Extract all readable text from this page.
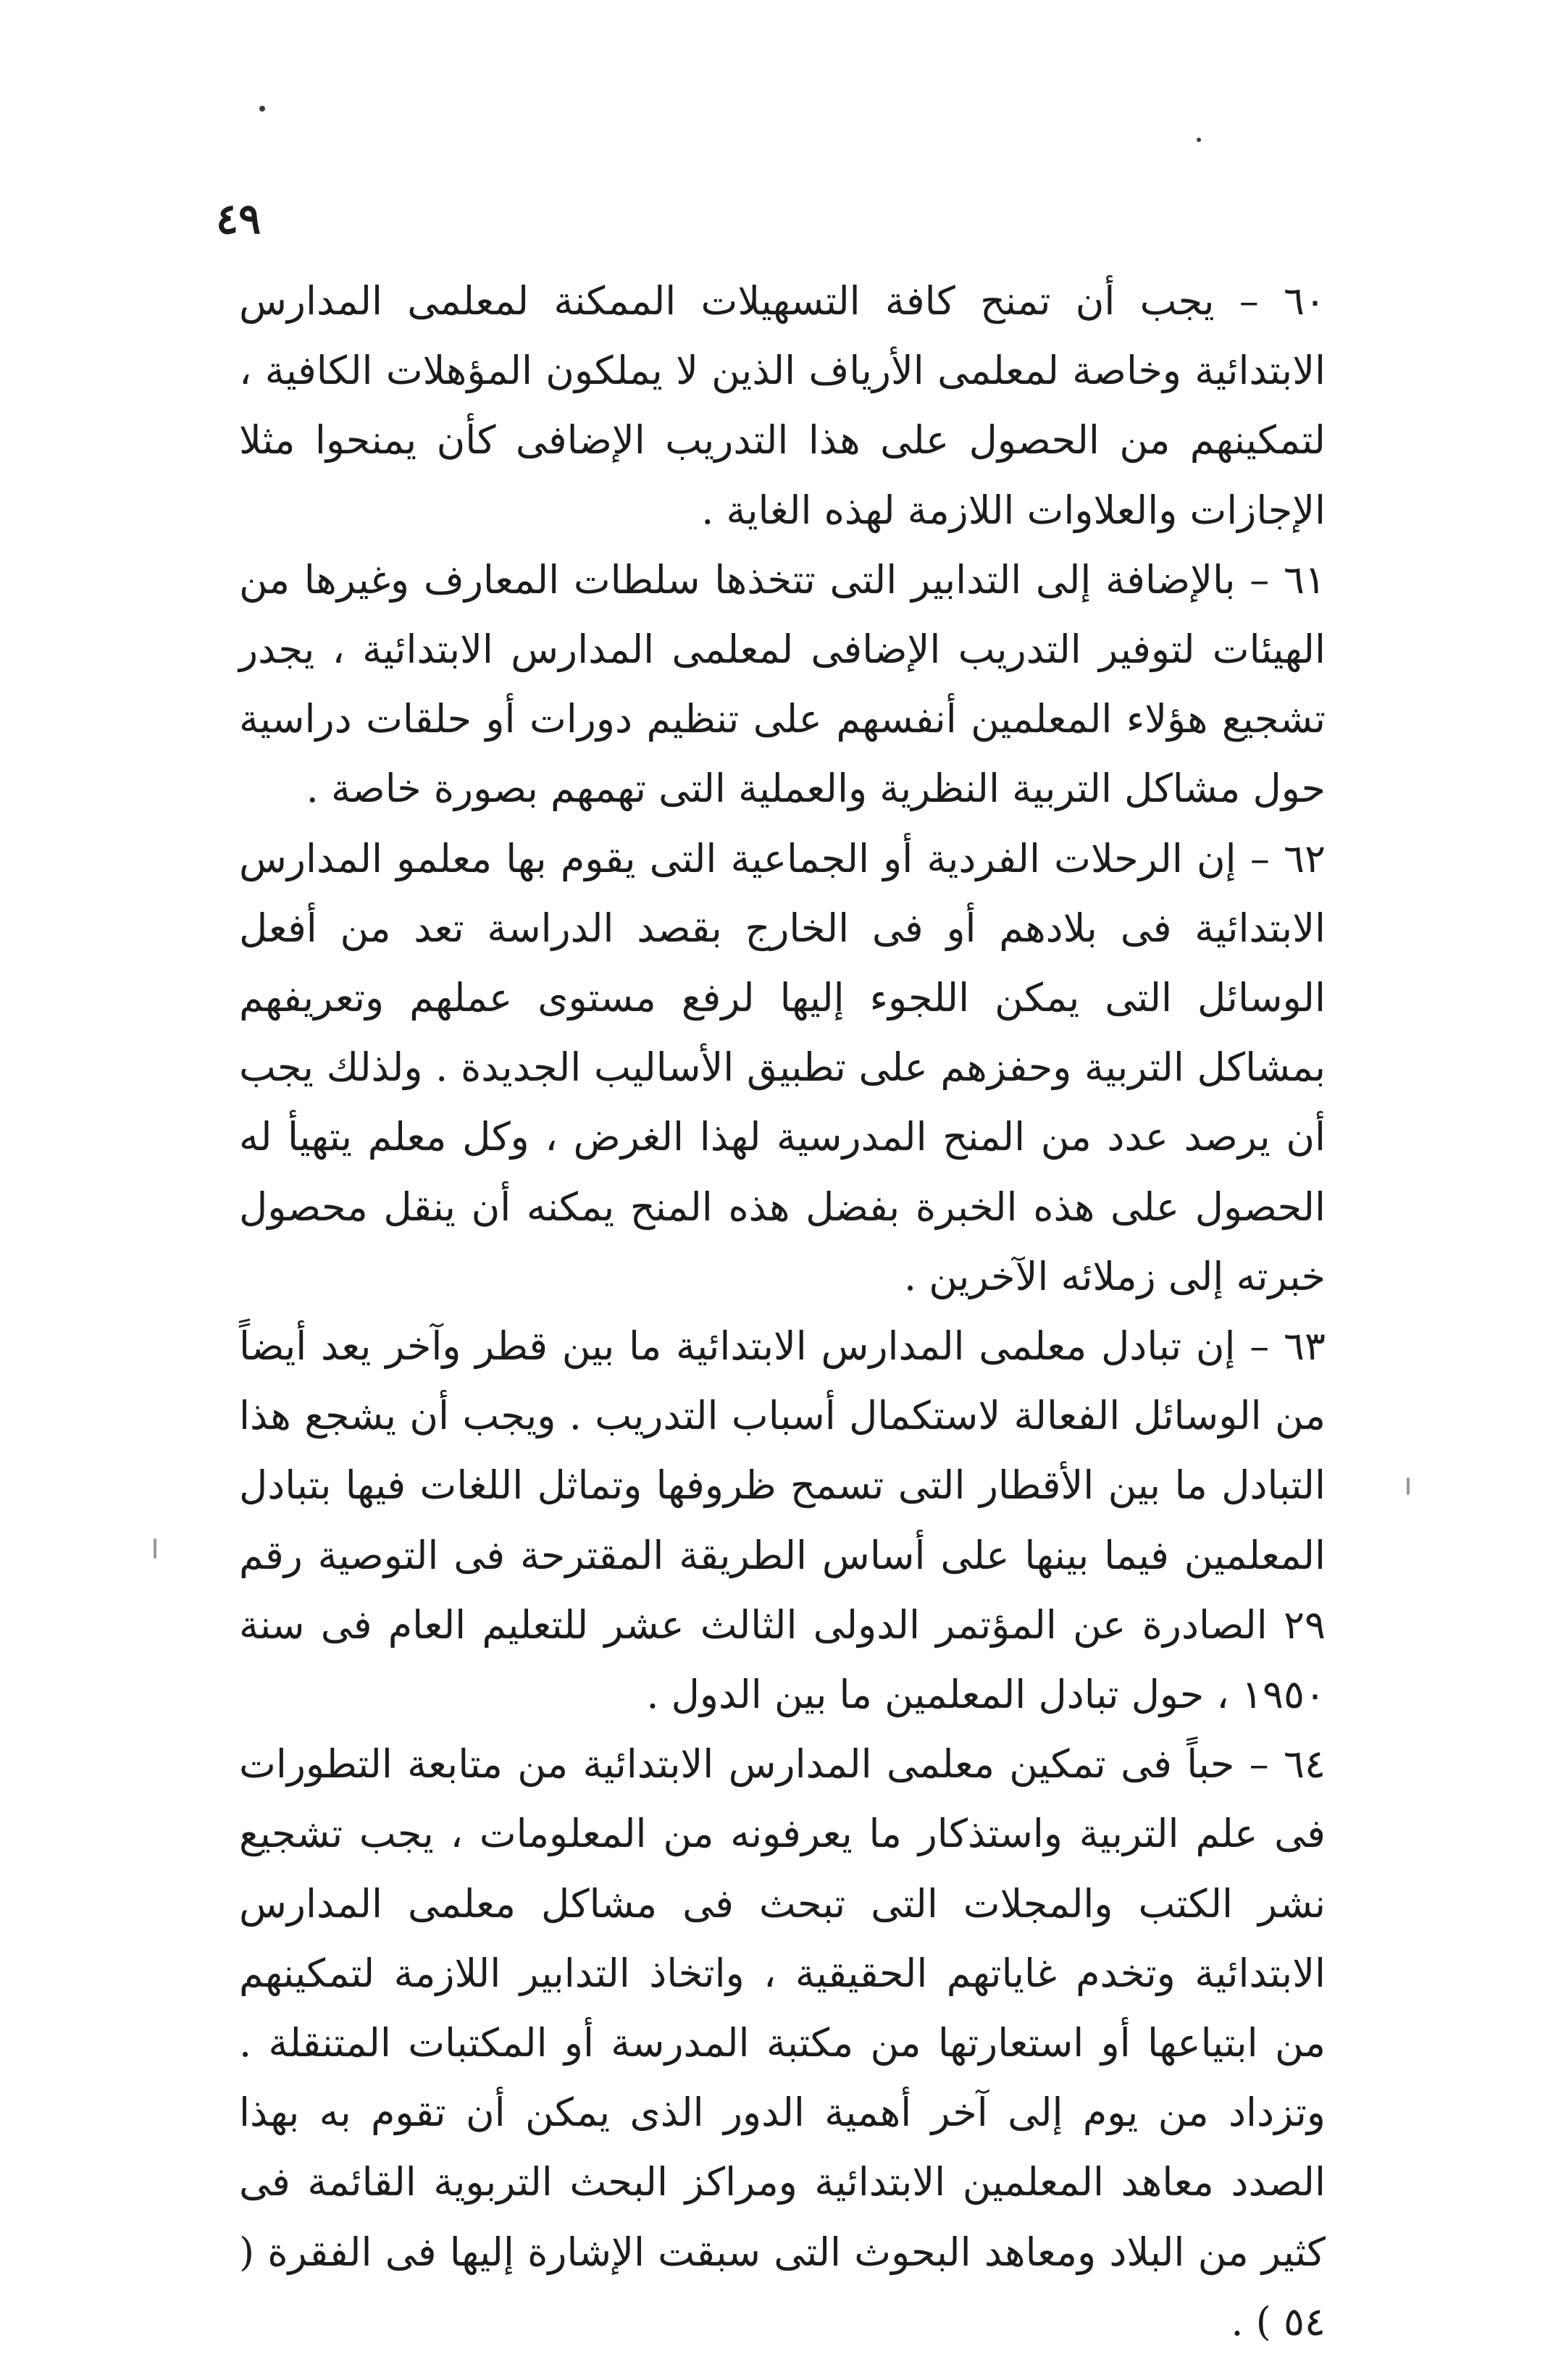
٤٩

٦٠ – يجب أن تمنح كافة التسهيلات الممكنة لمعلمى المدارس الابتدائية وخاصة لمعلمى الأرياف الذين لا يملكون المؤهلات الكافية ، لتمكينهم من الحصول على هذا التدريب الإضافى كأن يمنحوا مثلا الإجازات والعلاوات اللازمة لهذه الغاية .

٦١ – بالإضافة إلى التدابير التى تتخذها سلطات المعارف وغيرها من الهيئات لتوفير التدريب الإضافى لمعلمى المدارس الابتدائية ، يجدر تشجيع هؤلاء المعلمين أنفسهم على تنظيم دورات أو حلقات دراسية حول مشاكل التربية النظرية والعملية التى تهمهم بصورة خاصة .

٦٢ – إن الرحلات الفردية أو الجماعية التى يقوم بها معلمو المدارس الابتدائية فى بلادهم أو فى الخارج بقصد الدراسة تعد من أفعل الوسائل التى يمكن اللجوء إليها لرفع مستوى عملهم وتعريفهم بمشاكل التربية وحفزهم على تطبيق الأساليب الجديدة . ولذلك يجب أن يرصد عدد من المنح المدرسية لهذا الغرض ، وكل معلم يتهيأ له الحصول على هذه الخبرة بفضل هذه المنح يمكنه أن ينقل محصول خبرته إلى زملائه الآخرين .

٦٣ – إن تبادل معلمى المدارس الابتدائية ما بين قطر وآخر يعد أيضاً من الوسائل الفعالة لاستكمال أسباب التدريب . ويجب أن يشجع هذا التبادل ما بين الأقطار التى تسمح ظروفها وتماثل اللغات فيها بتبادل المعلمين فيما بينها على أساس الطريقة المقترحة فى التوصية رقم ٢٩ الصادرة عن المؤتمر الدولى الثالث عشر للتعليم العام فى سنة ١٩٥٠ ، حول تبادل المعلمين ما بين الدول .

٦٤ – حباً فى تمكين معلمى المدارس الابتدائية من متابعة التطورات فى علم التربية واستذكار ما يعرفونه من المعلومات ، يجب تشجيع نشر الكتب والمجلات التى تبحث فى مشاكل معلمى المدارس الابتدائية وتخدم غاياتهم الحقيقية ، واتخاذ التدابير اللازمة لتمكينهم من ابتياعها أو استعارتها من مكتبة المدرسة أو المكتبات المتنقلة . وتزداد من يوم إلى آخر أهمية الدور الذى يمكن أن تقوم به بهذا الصدد معاهد المعلمين الابتدائية ومراكز البحث التربوية القائمة فى كثير من البلاد ومعاهد البحوث التى سبقت الإشارة إليها فى الفقرة ( ٥٤ ) .
